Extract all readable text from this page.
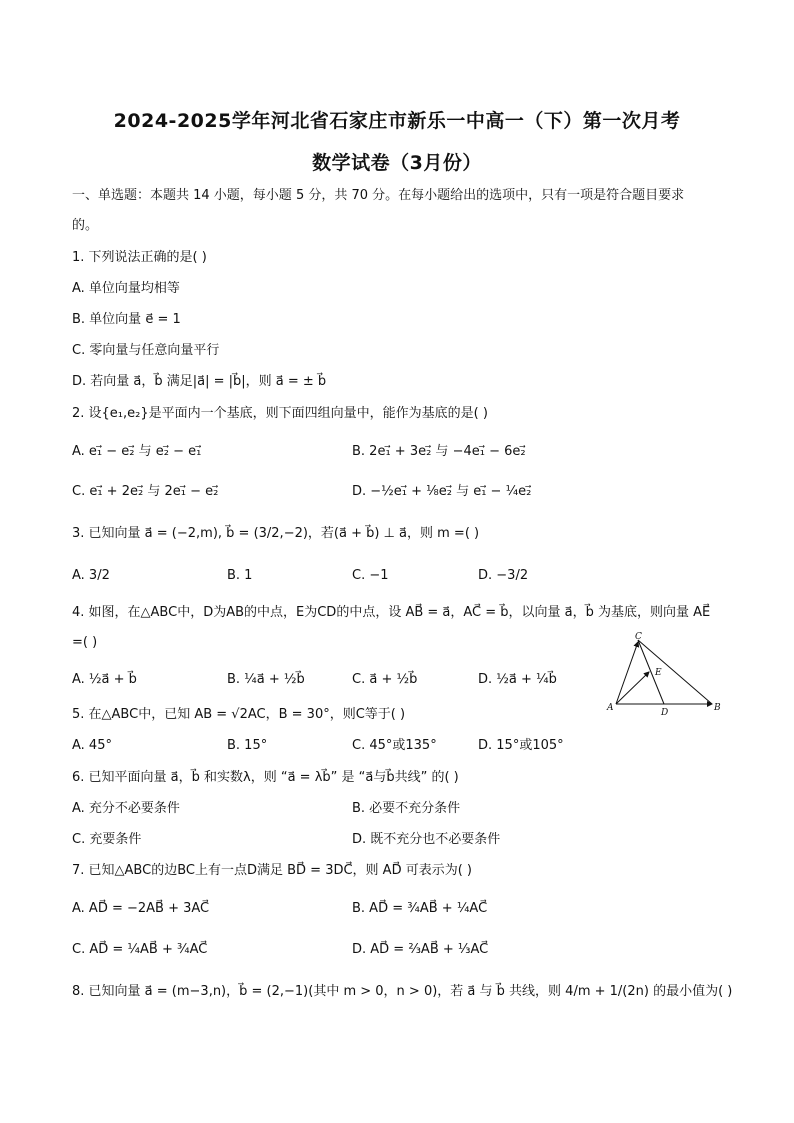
2024-2025学年河北省石家庄市新乐一中高一（下）第一次月考
数学试卷（3月份）
一、单选题：本题共 14 小题，每小题 5 分，共 70 分。在每小题给出的选项中，只有一项是符合题目要求
的。
1. 下列说法正确的是( )
A. 单位向量均相等
B. 单位向量 e⃗ = 1
C. 零向量与任意向量平行
D. 若向量 a⃗，b⃗ 满足|a⃗| = |b⃗|，则 a⃗ = ± b⃗
2. 设{e₁,e₂}是平面内一个基底，则下面四组向量中，能作为基底的是( )
A. e₁⃗ − e₂⃗ 与 e₂⃗ − e₁⃗	B. 2e₁⃗ + 3e₂⃗ 与 −4e₁⃗ − 6e₂⃗
C. e₁⃗ + 2e₂⃗ 与 2e₁⃗ − e₂⃗	D. −½e₁⃗ + ⅛e₂⃗ 与 e₁⃗ − ¼e₂⃗
3. 已知向量 a⃗ = (−2,m), b⃗ = (3/2,−2)，若(a⃗ + b⃗) ⊥ a⃗，则 m =( )
A. 3/2	B. 1	C. −1	D. −3/2
4. 如图，在△ABC中，D为AB的中点，E为CD的中点，设 AB⃗ = a⃗，AC⃗ = b⃗，以向量 a⃗，b⃗ 为基底，则向量 AE⃗
=( )
A. ½a⃗ + b⃗	B. ¼a⃗ + ½b⃗	C. a⃗ + ½b⃗	D. ½a⃗ + ¼b⃗
C
E
A	D	B
5. 在△ABC中，已知 AB = √2AC，B = 30°，则C等于( )
A. 45°	B. 15°	C. 45°或135°	D. 15°或105°
6. 已知平面向量 a⃗，b⃗ 和实数λ，则 “a⃗ = λb⃗” 是 “a⃗与b⃗共线” 的( )
A. 充分不必要条件	B. 必要不充分条件
C. 充要条件	D. 既不充分也不必要条件
7. 已知△ABC的边BC上有一点D满足 BD⃗ = 3DC⃗，则 AD⃗ 可表示为( )
A. AD⃗ = −2AB⃗ + 3AC⃗	B. AD⃗ = ¾AB⃗ + ¼AC⃗
C. AD⃗ = ¼AB⃗ + ¾AC⃗	D. AD⃗ = ⅔AB⃗ + ⅓AC⃗
8. 已知向量 a⃗ = (m−3,n)，b⃗ = (2,−1)(其中 m > 0，n > 0)，若 a⃗ 与 b⃗ 共线，则 4/m + 1/(2n) 的最小值为( )
